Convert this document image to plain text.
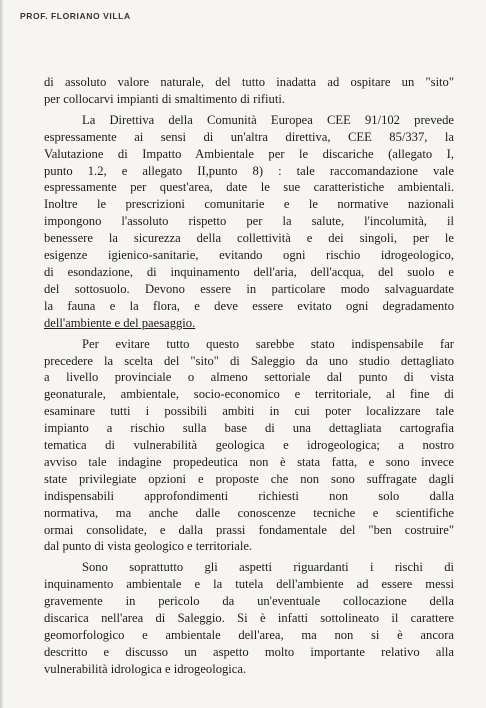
PROF. FLORIANO VILLA
di assoluto valore naturale, del tutto inadatta ad ospitare un "sito"
per collocarvi impianti di smaltimento di rifiuti.
La Direttiva della Comunità Europea CEE 91/102 prevede
espressamente ai sensi di un'altra direttiva, CEE 85/337, la
Valutazione di Impatto Ambientale per le discariche (allegato I,
punto 1.2, e allegato II,punto 8) : tale raccomandazione vale
espressamente per quest'area, date le sue caratteristiche ambientali.
Inoltre le prescrizioni comunitarie e le normative nazionali
impongono l'assoluto rispetto per la salute, l'incolumità, il
benessere la sicurezza della collettività e dei singoli, per le
esigenze igienico-sanitarie, evitando ogni rischio idrogeologico,
di esondazione, di inquinamento dell'aria, dell'acqua, del suolo e
del sottosuolo. Devono essere in particolare modo salvaguardate
la fauna e la flora, e deve essere evitato ogni degradamento
dell'ambiente e del paesaggio.
Per evitare tutto questo sarebbe stato indispensabile far
precedere la scelta del "sito" di Saleggio da uno studio dettagliato
a livello provinciale o almeno settoriale dal punto di vista
geonaturale, ambientale, socio-economico e territoriale, al fine di
esaminare tutti i possibili ambiti in cui poter localizzare tale
impianto a rischio sulla base di una dettagliata cartografia
tematica di vulnerabilità geologica e idrogeologica; a nostro
avviso tale indagine propedeutica non è stata fatta, e sono invece
state privilegiate opzioni e proposte che non sono suffragate dagli
indispensabili approfondimenti richiesti non solo dalla
normativa, ma anche dalle conoscenze tecniche e scientifiche
ormai consolidate, e dalla prassi fondamentale del "ben costruire"
dal punto di vista geologico e territoriale.
Sono soprattutto gli aspetti riguardanti i rischi di
inquinamento ambientale e la tutela dell'ambiente ad essere messi
gravemente in pericolo da un'eventuale collocazione della
discarica nell'area di Saleggio. Si è infatti sottolineato il carattere
geomorfologico e ambientale dell'area, ma non si è ancora
descritto e discusso un aspetto molto importante relativo alla
vulnerabilità idrologica e idrogeologica.
